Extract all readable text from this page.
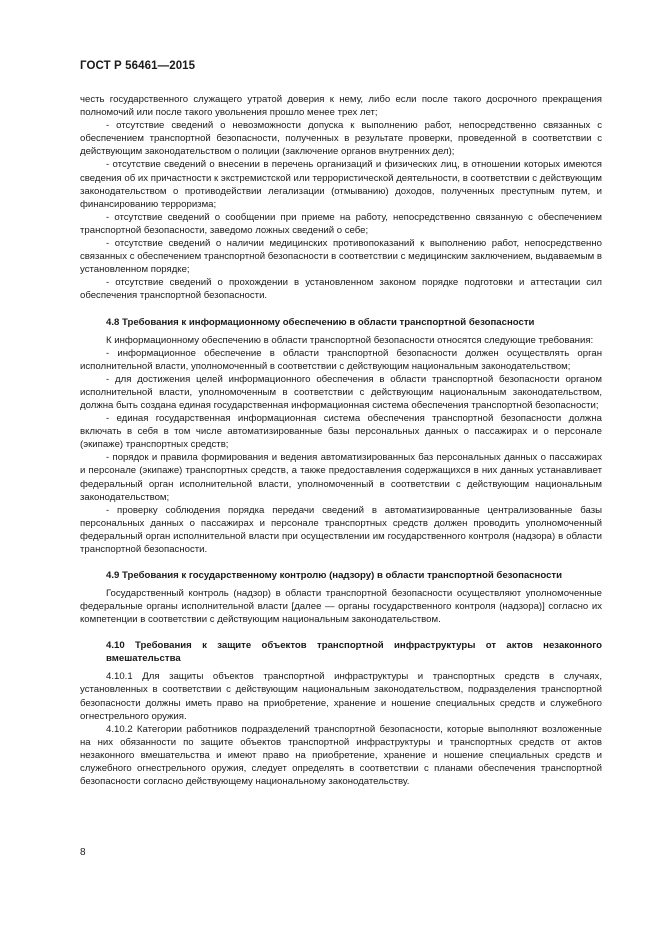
ГОСТ Р 56461—2015

честь государственного служащего утратой доверия к нему, либо если после такого досрочного прекращения полномочий или после такого увольнения прошло менее трех лет;

- отсутствие сведений о невозможности допуска к выполнению работ, непосредственно связанных с обеспечением транспортной безопасности, полученных в результате проверки, проведенной в соответствии с действующим законодательством о полиции (заключение органов внутренних дел);

- отсутствие сведений о внесении в перечень организаций и физических лиц, в отношении которых имеются сведения об их причастности к экстремистской или террористической деятельности, в соответствии с действующим законодательством о противодействии легализации (отмыванию) доходов, полученных преступным путем, и финансированию терроризма;

- отсутствие сведений о сообщении при приеме на работу, непосредственно связанную с обеспечением транспортной безопасности, заведомо ложных сведений о себе;

- отсутствие сведений о наличии медицинских противопоказаний к выполнению работ, непосредственно связанных с обеспечением транспортной безопасности в соответствии с медицинским заключением, выдаваемым в установленном порядке;

- отсутствие сведений о прохождении в установленном законом порядке подготовки и аттестации сил обеспечения транспортной безопасности.

4.8 Требования к информационному обеспечению в области транспортной безопасности

К информационному обеспечению в области транспортной безопасности относятся следующие требования:

- информационное обеспечение в области транспортной безопасности должен осуществлять орган исполнительной власти, уполномоченный в соответствии с действующим национальным законодательством;

- для достижения целей информационного обеспечения в области транспортной безопасности органом исполнительной власти, уполномоченным в соответствии с действующим национальным законодательством, должна быть создана единая государственная информационная система обеспечения транспортной безопасности;

- единая государственная информационная система обеспечения транспортной безопасности должна включать в себя в том числе автоматизированные базы персональных данных о пассажирах и о персонале (экипаже) транспортных средств;

- порядок и правила формирования и ведения автоматизированных баз персональных данных о пассажирах и персонале (экипаже) транспортных средств, а также предоставления содержащихся в них данных устанавливает федеральный орган исполнительной власти, уполномоченный в соответствии с действующим национальным законодательством;

- проверку соблюдения порядка передачи сведений в автоматизированные централизованные базы персональных данных о пассажирах и персонале транспортных средств должен проводить уполномоченный федеральный орган исполнительной власти при осуществлении им государственного контроля (надзора) в области транспортной безопасности.

4.9 Требования к государственному контролю (надзору) в области транспортной безопасности

Государственный контроль (надзор) в области транспортной безопасности осуществляют уполномоченные федеральные органы исполнительной власти [далее — органы государственного контроля (надзора)] согласно их компетенции в соответствии с действующим национальным законодательством.

4.10 Требования к защите объектов транспортной инфраструктуры от актов незаконного вмешательства

4.10.1 Для защиты объектов транспортной инфраструктуры и транспортных средств в случаях, установленных в соответствии с действующим национальным законодательством, подразделения транспортной безопасности должны иметь право на приобретение, хранение и ношение специальных средств и служебного огнестрельного оружия.

4.10.2 Категории работников подразделений транспортной безопасности, которые выполняют возложенные на них обязанности по защите объектов транспортной инфраструктуры и транспортных средств от актов незаконного вмешательства и имеют право на приобретение, хранение и ношение специальных средств и служебного огнестрельного оружия, следует определять в соответствии с планами обеспечения транспортной безопасности согласно действующему национальному законодательству.

8
